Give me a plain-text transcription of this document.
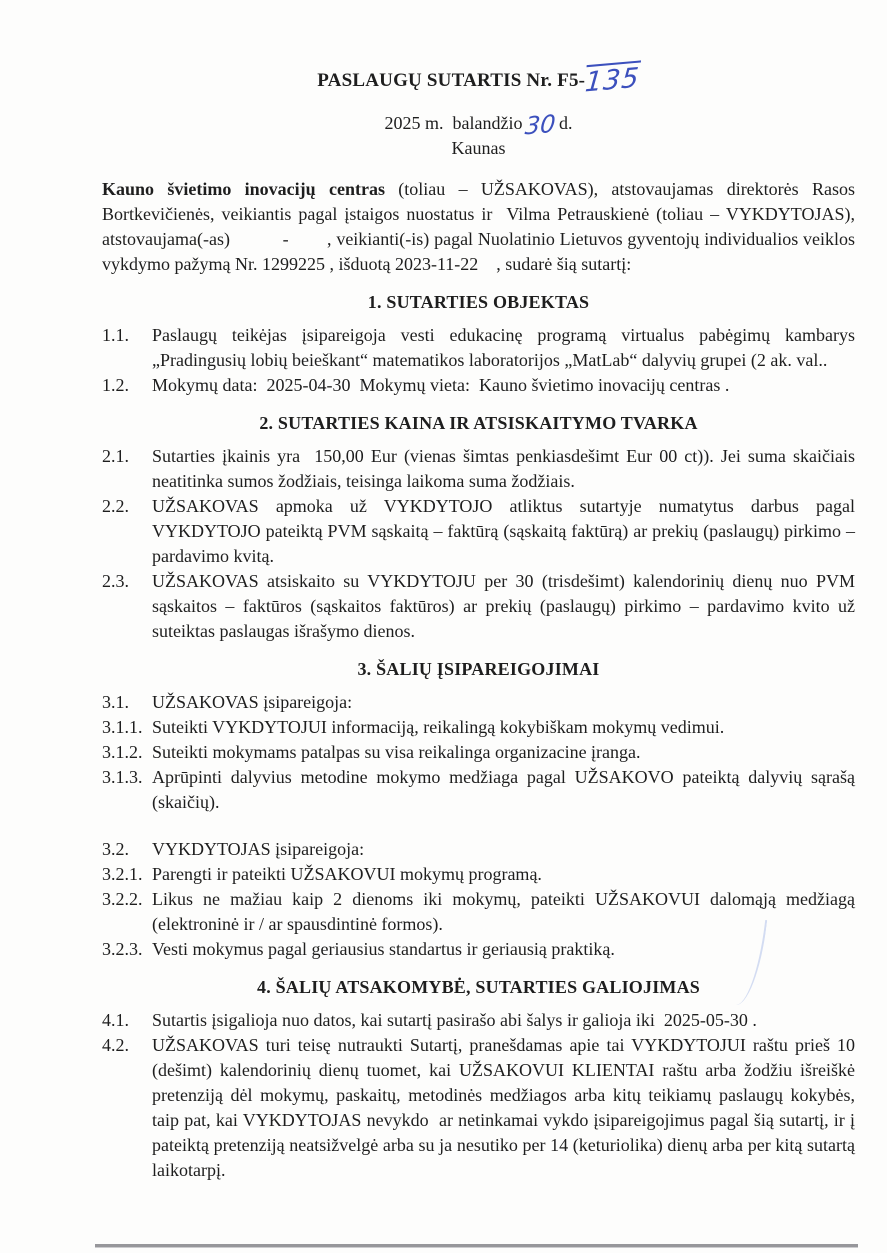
PASLAUGŲ SUTARTIS Nr. F5-135
2025 m.  balandžio30 d.
Kaunas

Kauno švietimo inovacijų centras (toliau – UŽSAKOVAS), atstovaujamas direktorės Rasos Bortkevičienės, veikiantis pagal įstaigos nuostatus ir  Vilma Petrauskienė (toliau – VYKDYTOJAS), atstovaujama(-as)           -        , veikianti(-is) pagal Nuolatinio Lietuvos gyventojų individualios veiklos vykdymo pažymą Nr. 1299225 , išduotą 2023-11-22    , sudarė šią sutartį:

1. SUTARTIES OBJEKTAS

1.1. Paslaugų teikėjas įsipareigoja vesti edukacinę programą virtualus pabėgimų kambarys „Pradingusių lobių beieškant“ matematikos laboratorijos „MatLab“ dalyvių grupei (2 ak. val..

1.2. Mokymų data:  2025-04-30  Mokymų vieta:  Kauno švietimo inovacijų centras .

2. SUTARTIES KAINA IR ATSISKAITYMO TVARKA

2.1. Sutarties įkainis yra  150,00 Eur (vienas šimtas penkiasdešimt Eur 00 ct)). Jei suma skaičiais neatitinka sumos žodžiais, teisinga laikoma suma žodžiais.

2.2. UŽSAKOVAS apmoka už VYKDYTOJO atliktus sutartyje numatytus darbus pagal VYKDYTOJO pateiktą PVM sąskaitą – faktūrą (sąskaitą faktūrą) ar prekių (paslaugų) pirkimo – pardavimo kvitą.

2.3. UŽSAKOVAS atsiskaito su VYKDYTOJU per 30 (trisdešimt) kalendorinių dienų nuo PVM sąskaitos – faktūros (sąskaitos faktūros) ar prekių (paslaugų) pirkimo – pardavimo kvito už suteiktas paslaugas išrašymo dienos.

3. ŠALIŲ ĮSIPAREIGOJIMAI

3.1. UŽSAKOVAS įsipareigoja:

3.1.1. Suteikti VYKDYTOJUI informaciją, reikalingą kokybiškam mokymų vedimui.

3.1.2. Suteikti mokymams patalpas su visa reikalinga organizacine įranga.

3.1.3. Aprūpinti dalyvius metodine mokymo medžiaga pagal UŽSAKOVO pateiktą dalyvių sąrašą (skaičių).

3.2. VYKDYTOJAS įsipareigoja:

3.2.1. Parengti ir pateikti UŽSAKOVUI mokymų programą.

3.2.2. Likus ne mažiau kaip 2 dienoms iki mokymų, pateikti UŽSAKOVUI dalomąją medžiagą (elektroninė ir / ar spausdintinė formos).

3.2.3. Vesti mokymus pagal geriausius standartus ir geriausią praktiką.

4. ŠALIŲ ATSAKOMYBĖ, SUTARTIES GALIOJIMAS

4.1. Sutartis įsigalioja nuo datos, kai sutartį pasirašo abi šalys ir galioja iki  2025-05-30 .

4.2. UŽSAKOVAS turi teisę nutraukti Sutartį, pranešdamas apie tai VYKDYTOJUI raštu prieš 10 (dešimt) kalendorinių dienų tuomet, kai UŽSAKOVUI KLIENTAI raštu arba žodžiu išreiškė pretenziją dėl mokymų, paskaitų, metodinės medžiagos arba kitų teikiamų paslaugų kokybės, taip pat, kai VYKDYTOJAS nevykdo  ar netinkamai vykdo įsipareigojimus pagal šią sutartį, ir į pateiktą pretenziją neatsižvelgė arba su ja nesutiko per 14 (keturiolika) dienų arba per kitą sutartą laikotarpį.
